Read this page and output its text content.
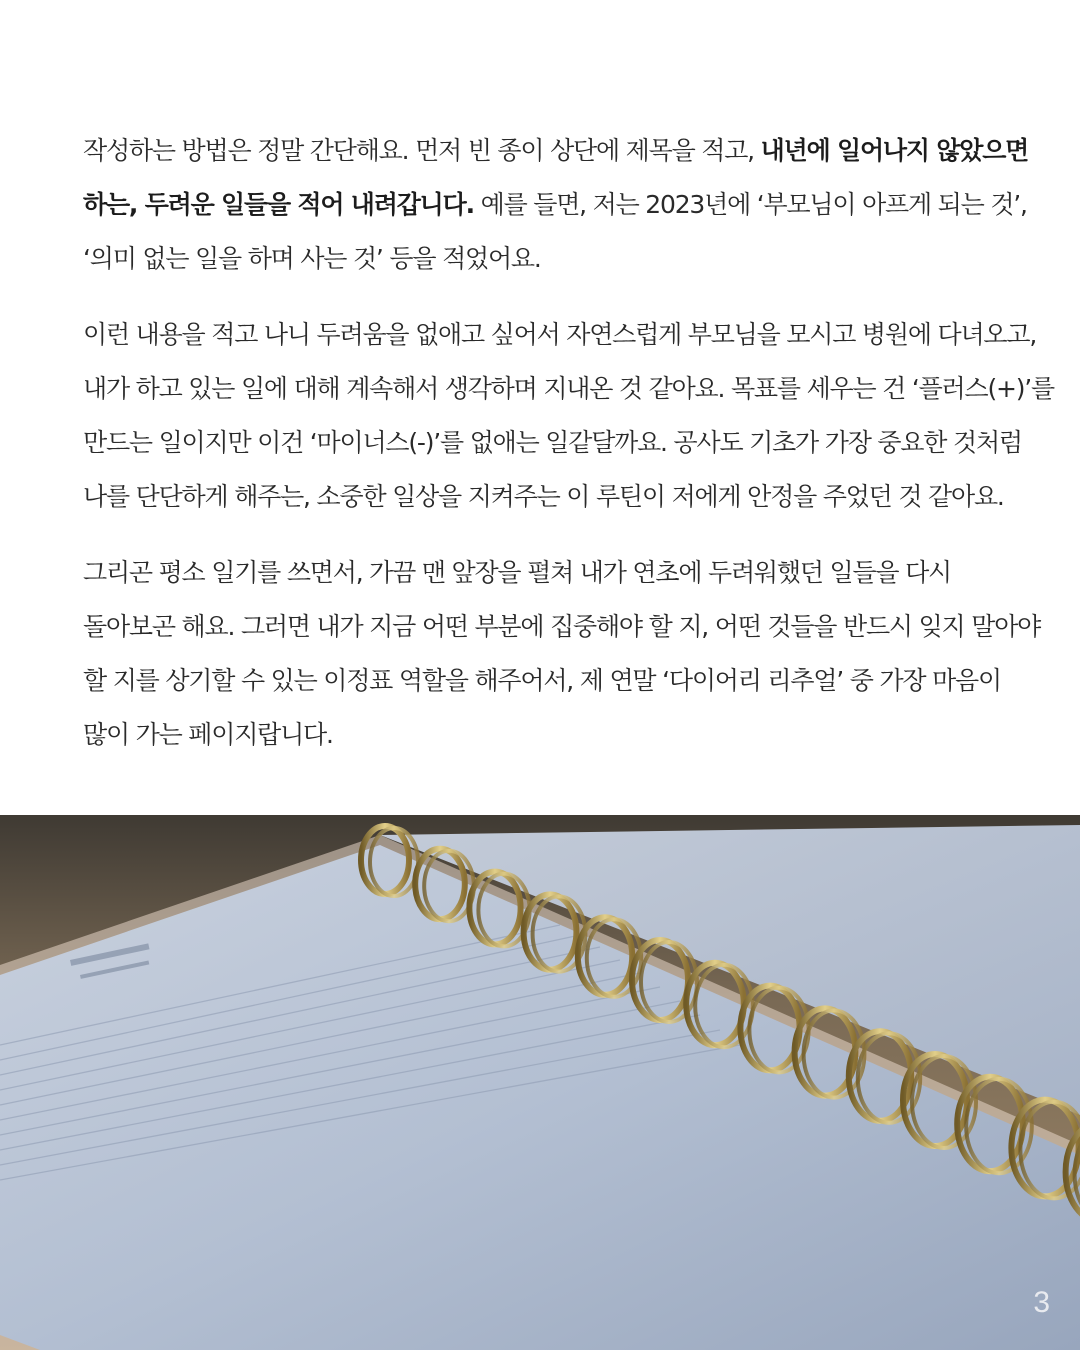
작성하는 방법은 정말 간단해요. 먼저 빈 종이 상단에 제목을 적고, 내년에 일어나지 않았으면
하는, 두려운 일들을 적어 내려갑니다. 예를 들면, 저는 2023년에 ‘부모님이 아프게 되는 것’,
‘의미 없는 일을 하며 사는 것’ 등을 적었어요.

이런 내용을 적고 나니 두려움을 없애고 싶어서 자연스럽게 부모님을 모시고 병원에 다녀오고,
내가 하고 있는 일에 대해 계속해서 생각하며 지내온 것 같아요. 목표를 세우는 건 ‘플러스(+)’를
만드는 일이지만 이건 ‘마이너스(-)’를 없애는 일같달까요. 공사도 기초가 가장 중요한 것처럼
나를 단단하게 해주는, 소중한 일상을 지켜주는 이 루틴이 저에게 안정을 주었던 것 같아요.

그리곤 평소 일기를 쓰면서, 가끔 맨 앞장을 펼쳐 내가 연초에 두려워했던 일들을 다시
돌아보곤 해요. 그러면 내가 지금 어떤 부분에 집중해야 할 지, 어떤 것들을 반드시 잊지 말아야
할 지를 상기할 수 있는 이정표 역할을 해주어서, 제 연말 ‘다이어리 리추얼’ 중 가장 마음이
많이 가는 페이지랍니다.

3
